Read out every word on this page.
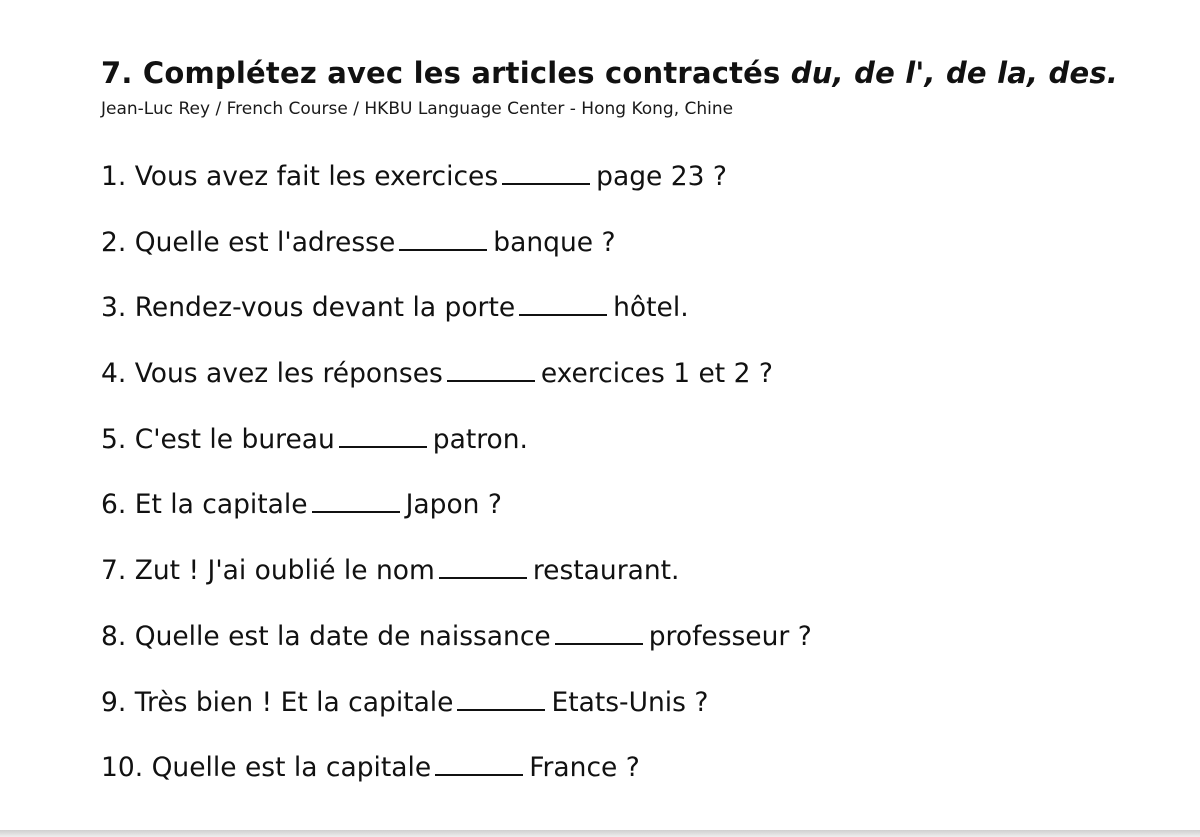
7. Complétez avec les articles contractés du, de l', de la, des.

Jean-Luc Rey / French Course / HKBU Language Center - Hong Kong, Chine

1. Vous avez fait les exercices	page 23 ?
2. Quelle est l'adresse	banque ?
3. Rendez-vous devant la porte	hôtel.
4. Vous avez les réponses	exercices 1 et 2 ?
5. C'est le bureau	patron.
6. Et la capitale	Japon ?
7. Zut ! J'ai oublié le nom	restaurant.
8. Quelle est la date de naissance	professeur ?
9. Très bien ! Et la capitale	Etats-Unis ?
10. Quelle est la capitale	France ?
